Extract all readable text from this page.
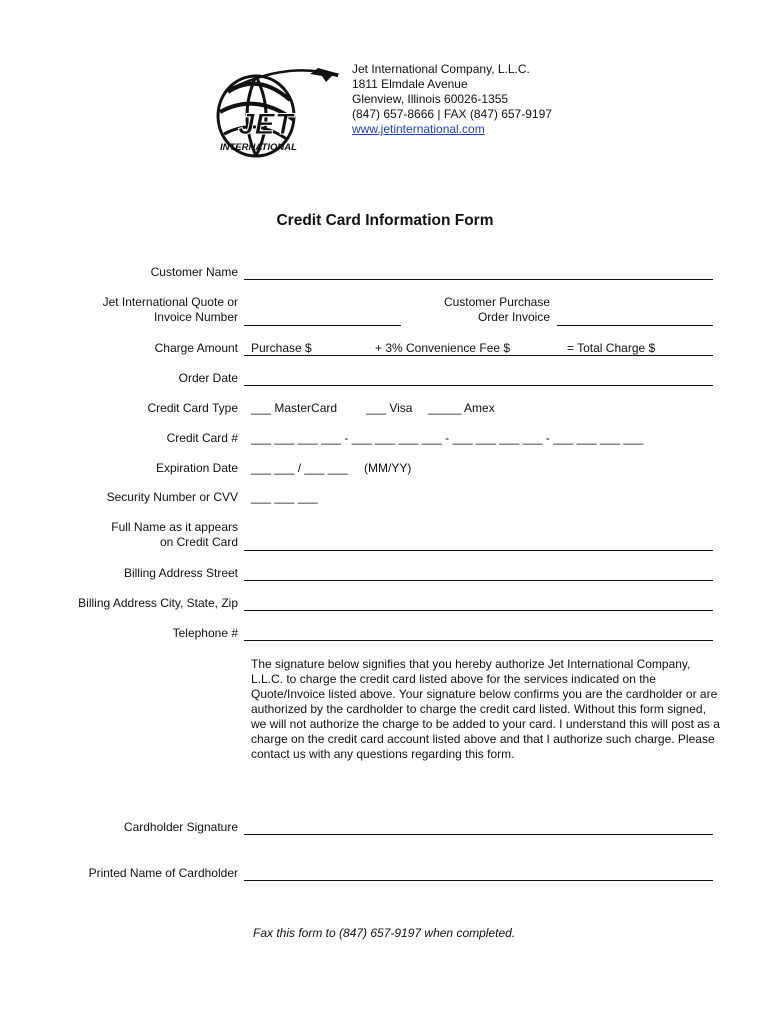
JET
INTERNATIONAL
Jet International Company, L.L.C.
1811 Elmdale Avenue
Glenview, Illinois 60026-1355
(847) 657-8666 | FAX (847) 657-9197
www.jetinternational.com
Credit Card Information Form
Customer Name
Jet International Quote or
Invoice Number
Customer Purchase
Order Invoice
Charge Amount Purchase $	+ 3% Convenience Fee $	= Total Charge $
Order Date
Credit Card Type ___ MasterCard ___ Visa _____ Amex
Credit Card # ___ ___ ___ ___ - ___ ___ ___ ___ - ___ ___ ___ ___ - ___ ___ ___ ___
Expiration Date ___ ___ / ___ ___ (MM/YY)
Security Number or CVV ___ ___ ___
Full Name as it appears
on Credit Card
Billing Address Street
Billing Address City, State, Zip
Telephone #
The signature below signifies that you hereby authorize Jet International Company, L.L.C. to charge the credit card listed above for the services indicated on the Quote/Invoice listed above. Your signature below confirms you are the cardholder or are authorized by the cardholder to charge the credit card listed. Without this form signed, we will not authorize the charge to be added to your card. I understand this will post as a charge on the credit card account listed above and that I authorize such charge. Please contact us with any questions regarding this form.
Cardholder Signature
Printed Name of Cardholder
Fax this form to (847) 657-9197 when completed.
